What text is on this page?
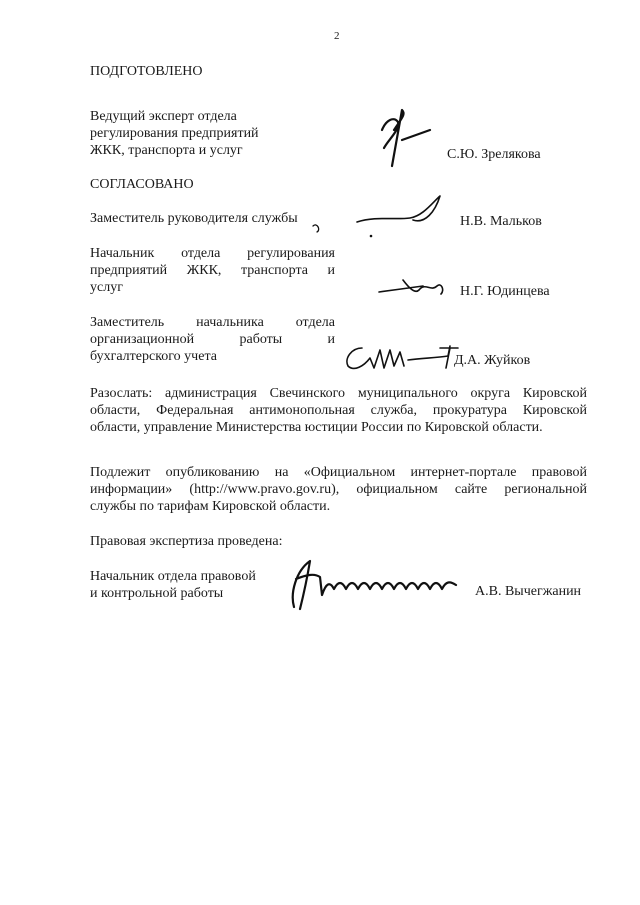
2
ПОДГОТОВЛЕНО
Ведущий эксперт отдела
регулирования предприятий
ЖКК, транспорта и услуг	С.Ю. Зрелякова
СОГЛАСОВАНО
Заместитель руководителя службы	Н.В. Мальков
Начальник отдела регулирования
предприятий ЖКК, транспорта и
услуг	Н.Г. Юдинцева
Заместитель начальника отдела
организационной работы и
бухгалтерского учета	Д.А. Жуйков
Разослать: администрация Свечинского муниципального округа Кировской
области, Федеральная антимонопольная служба, прокуратура Кировской
области, управление Министерства юстиции России по Кировской области.
Подлежит опубликованию на «Официальном интернет-портале правовой
информации» (http://www.pravo.gov.ru), официальном сайте региональной
службы по тарифам Кировской области.
Правовая экспертиза проведена:
Начальник отдела правовой
и контрольной работы	А.В. Вычегжанин
